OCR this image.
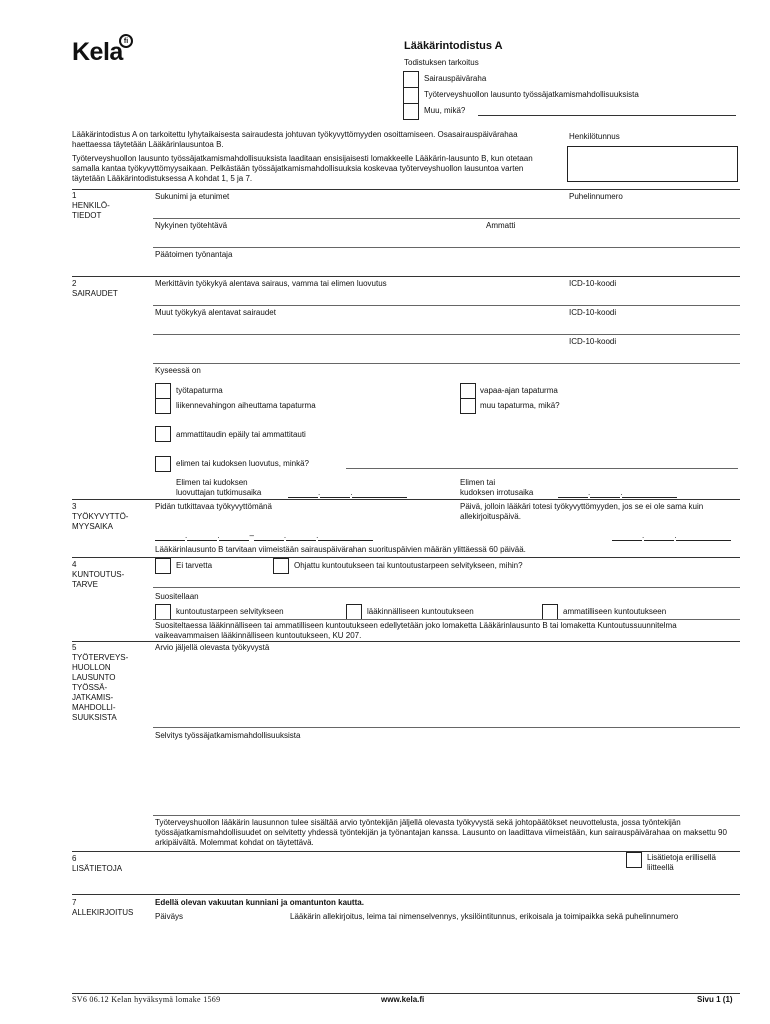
Kela fi	Lääkärintodistus A
Todistuksen tarkoitus
Sairauspäiväraha
Työterveyshuollon lausunto työssäjatkamismahdollisuuksista
Muu, mikä?
Lääkärintodistus A on tarkoitettu lyhytaikaisesta sairaudesta johtuvan työkyvyttömyyden osoittamiseen. Osasairauspäivärahaa haettaessa täytetään Lääkärinlausuntoa B.
Työterveyshuollon lausunto työssäjatkamismahdollisuuksista laaditaan ensisijaisesti lomakkeelle Lääkärin-lausunto B, kun otetaan samalla kantaa työkyvyttömyysaikaan. Pelkästään työssäjatkamismahdollisuuksia koskevaa työterveyshuollon lausuntoa varten täytetään Lääkärintodistuksessa A kohdat 1, 5 ja 7.
Henkilötunnus
1
HENKILÖ-
TIEDOT
Sukunimi ja etunimet	Puhelinnumero
Nykyinen työtehtävä	Ammatti
Päätoimen työnantaja
2
SAIRAUDET
Merkittävin työkykyä alentava sairaus, vamma tai elimen luovutus	ICD-10-koodi
Muut työkykyä alentavat sairaudet	ICD-10-koodi
ICD-10-koodi
Kyseessä on
työtapaturma
liikennevahingon aiheuttama tapaturma
vapaa-ajan tapaturma
muu tapaturma, mikä?
ammattitaudin epäily tai ammattitauti
elimen tai kudoksen luovutus, minkä?
Elimen tai kudoksen
luovuttajan tutkimusaika	.	.
Elimen tai
kudoksen irrotusaika	.	.
3
TYÖKYVYTTÖ-
MYYSAIKA
Pidän tutkittavaa työkyvyttömänä	Päivä, jolloin lääkäri totesi työkyvyttömyyden, jos se ei ole sama kuin allekirjoituspäivä.
.	.	–	.	.	.	.
Lääkärinlausunto B tarvitaan viimeistään sairauspäivärahan suorituspäivien määrän ylittäessä 60 päivää.
4
KUNTOUTUS-
TARVE
Ei tarvetta	Ohjattu kuntoutukseen tai kuntoutustarpeen selvitykseen, mihin?
Suositellaan
kuntoutustarpeen selvitykseen	lääkinnälliseen kuntoutukseen	ammatilliseen kuntoutukseen
Suositeltaessa lääkinnälliseen tai ammatilliseen kuntoutukseen edellytetään joko lomaketta Lääkärinlausunto B tai lomaketta Kuntoutussuunnitelma vaikeavammaisen lääkinnälliseen kuntoutukseen, KU 207.
5
TYÖTERVEYS-
HUOLLON
LAUSUNTO
TYÖSSÄ-
JATKAMIS-
MAHDOLLI-
SUUKSISTA
Arvio jäljellä olevasta työkyvystä
Selvitys työssäjatkamismahdollisuuksista
Työterveyshuollon lääkärin lausunnon tulee sisältää arvio työntekijän jäljellä olevasta työkyvystä sekä johtopäätökset neuvottelusta, jossa työntekijän työssäjatkamismahdollisuudet on selvitetty yhdessä työntekijän ja työnantajan kanssa. Lausunto on laadittava viimeistään, kun sairauspäivärahaa on maksettu 90 arkipäivältä. Molemmat kohdat on täytettävä.
6
LISÄTIETOJA
Lisätietoja erillisellä liitteellä
7
ALLEKIRJOITUS
Edellä olevan vakuutan kunniani ja omantunton kautta.
Päiväys	Lääkärin allekirjoitus, leima tai nimenselvennys, yksilöintitunnus, erikoisala ja toimipaikka sekä puhelinnumero
SV6 06.12 Kelan hyväksymä lomake 1569	www.kela.fi	Sivu 1 (1)
